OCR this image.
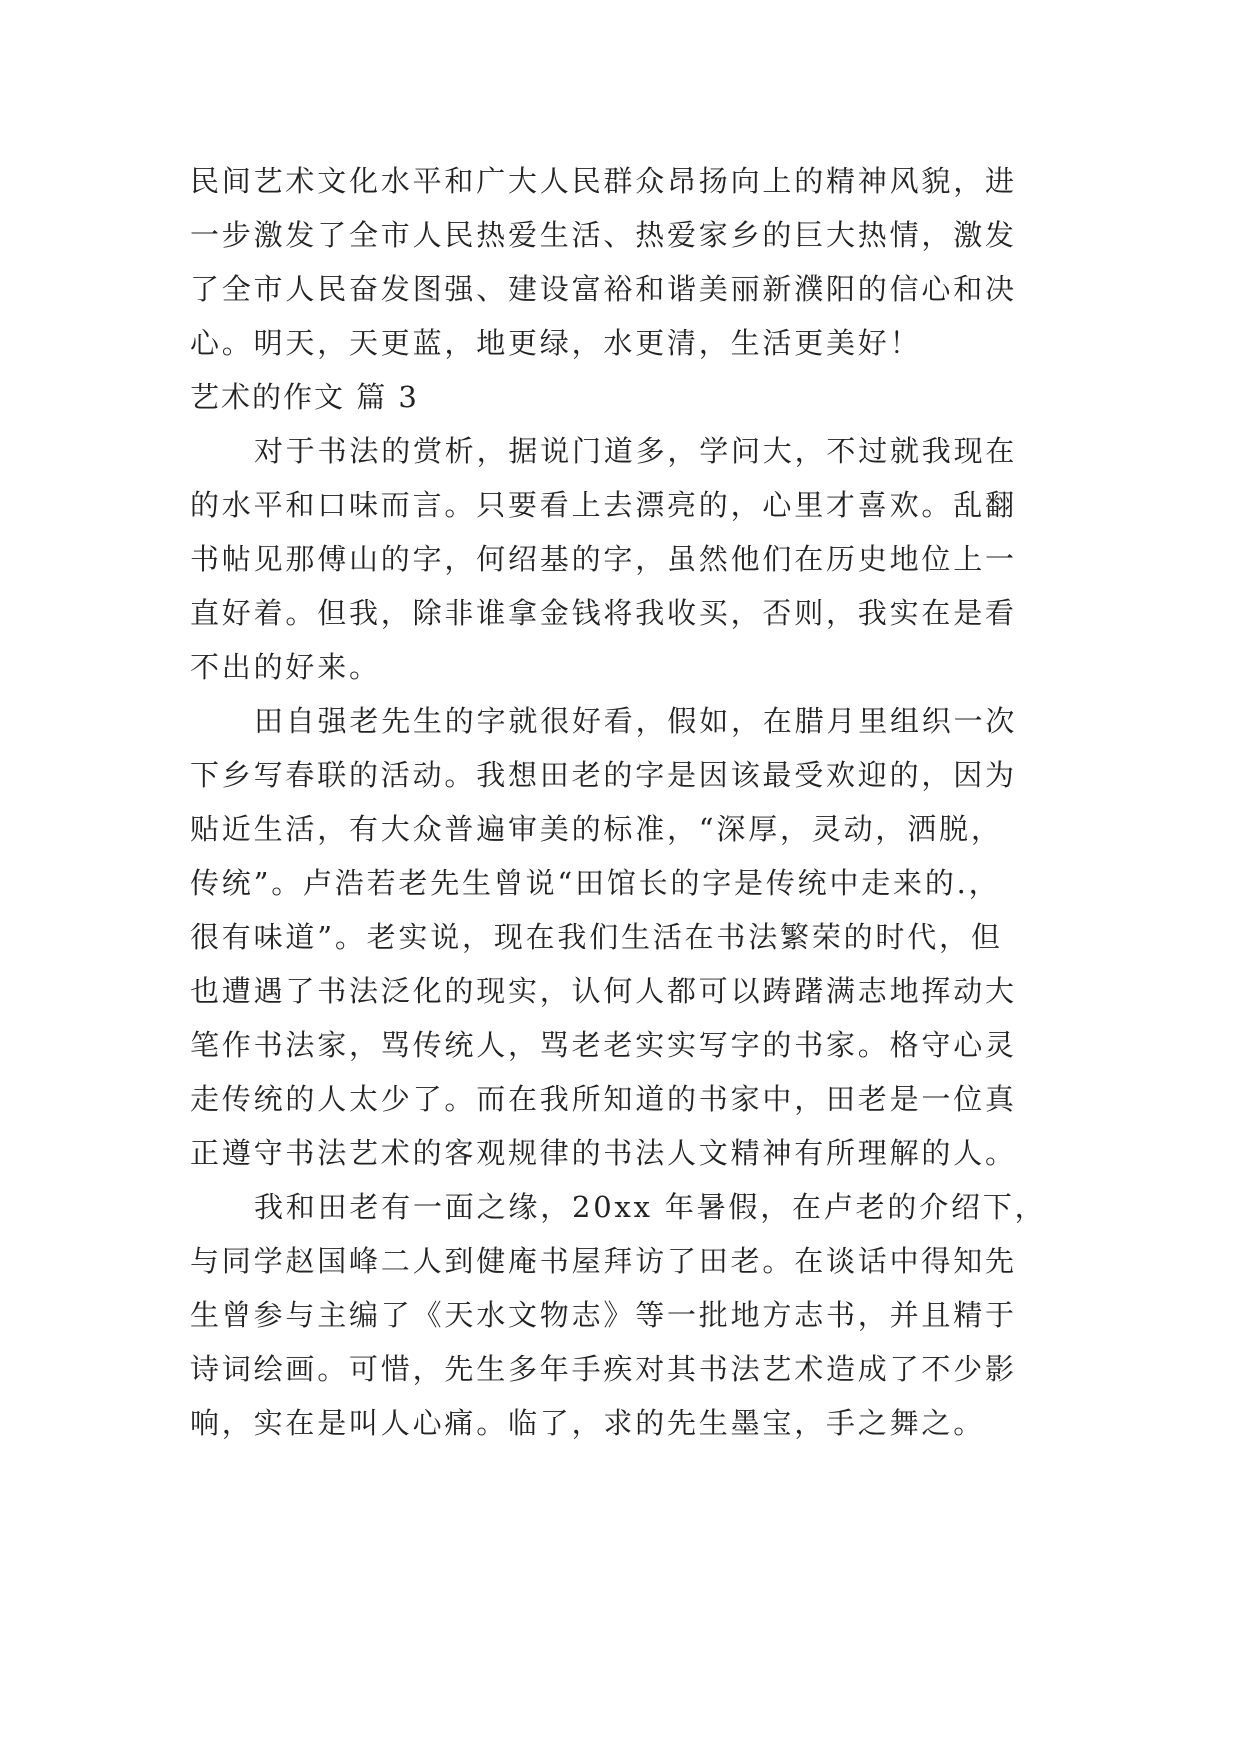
民间艺术文化水平和广大人民群众昂扬向上的精神风貌，进
一步激发了全市人民热爱生活、热爱家乡的巨大热情，激发
了全市人民奋发图强、建设富裕和谐美丽新濮阳的信心和决
心。明天，天更蓝，地更绿，水更清，生活更美好！
艺术的作文 篇 3
对于书法的赏析，据说门道多，学问大，不过就我现在
的水平和口味而言。只要看上去漂亮的，心里才喜欢。乱翻
书帖见那傅山的字，何绍基的字，虽然他们在历史地位上一
直好着。但我，除非谁拿金钱将我收买，否则，我实在是看
不出的好来。
田自强老先生的字就很好看，假如，在腊月里组织一次
下乡写春联的活动。我想田老的字是因该最受欢迎的，因为
贴近生活，有大众普遍审美的标准，“深厚，灵动，洒脱，
传统”。卢浩若老先生曾说“田馆长的字是传统中走来的.，
很有味道”。老实说，现在我们生活在书法繁荣的时代，但
也遭遇了书法泛化的现实，认何人都可以踌躇满志地挥动大
笔作书法家，骂传统人，骂老老实实写字的书家。格守心灵
走传统的人太少了。而在我所知道的书家中，田老是一位真
正遵守书法艺术的客观规律的书法人文精神有所理解的人。
我和田老有一面之缘，20xx 年暑假，在卢老的介绍下，
与同学赵国峰二人到健庵书屋拜访了田老。在谈话中得知先
生曾参与主编了《天水文物志》等一批地方志书，并且精于
诗词绘画。可惜，先生多年手疾对其书法艺术造成了不少影
响，实在是叫人心痛。临了，求的先生墨宝，手之舞之。
